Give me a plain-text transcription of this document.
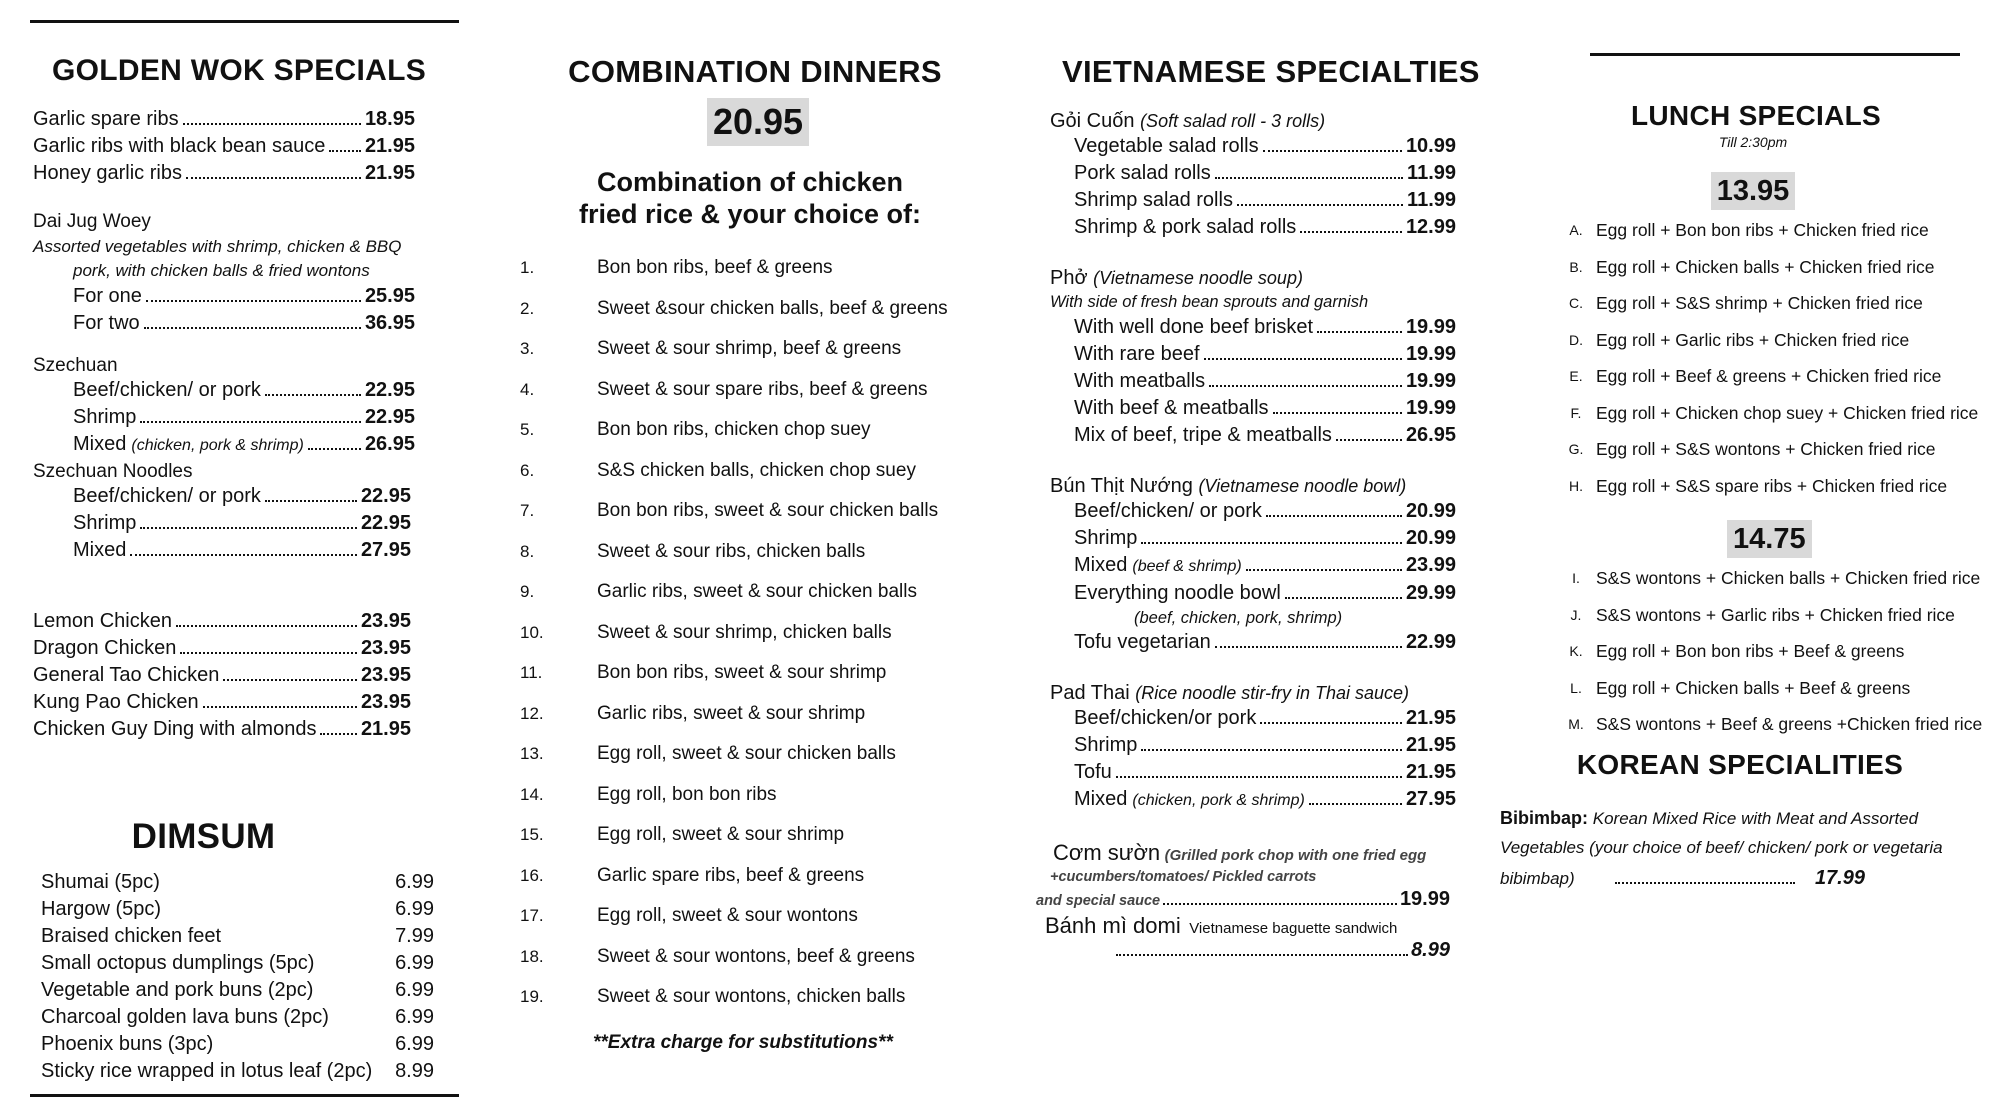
GOLDEN WOK SPECIALS
Garlic spare ribs	18.95
Garlic ribs with black bean sauce 21.95
Honey garlic ribs	21.95
Dai Jug Woey
Assorted vegetables with shrimp, chicken & BBQ
pork, with chicken balls & fried wontons
For one	25.95
For two	36.95
Szechuan
Beef/chicken/ or pork	22.95
Shrimp	22.95
Mixed (chicken, pork & shrimp)	26.95
Szechuan Noodles
Beef/chicken/ or pork	22.95
Shrimp	22.95
Mixed	27.95
Lemon Chicken	23.95
Dragon Chicken	23.95
General Tao Chicken	23.95
Kung Pao Chicken	23.95
Chicken Guy Ding with almonds 21.95
DIMSUM
Shumai (5pc)	6.99
Hargow (5pc)	6.99
Braised chicken feet	7.99
Small octopus dumplings (5pc)	6.99
Vegetable and pork buns (2pc)	6.99
Charcoal golden lava buns (2pc)	6.99
Phoenix buns (3pc)	6.99
Sticky rice wrapped in lotus leaf (2pc)	8.99
COMBINATION DINNERS
20.95
Combination of chicken
fried rice & your choice of:
1.	Bon bon ribs, beef & greens
2.	Sweet &sour chicken balls, beef & greens
3.	Sweet & sour shrimp, beef & greens
4.	Sweet & sour spare ribs, beef & greens
5.	Bon bon ribs, chicken chop suey
6.	S&S chicken balls, chicken chop suey
7.	Bon bon ribs, sweet & sour chicken balls
8.	Sweet & sour ribs, chicken balls
9.	Garlic ribs, sweet & sour chicken balls
10.	Sweet & sour shrimp, chicken balls
11.	Bon bon ribs, sweet & sour shrimp
12.	Garlic ribs, sweet & sour shrimp
13.	Egg roll, sweet & sour chicken balls
14.	Egg roll, bon bon ribs
15.	Egg roll, sweet & sour shrimp
16.	Garlic spare ribs, beef & greens
17.	Egg roll, sweet & sour wontons
18.	Sweet & sour wontons, beef & greens
19.	Sweet & sour wontons, chicken balls
**Extra charge for substitutions**
VIETNAMESE SPECIALTIES
Gỏi Cuốn (Soft salad roll - 3 rolls)
Vegetable salad rolls	10.99
Pork salad rolls	11.99
Shrimp salad rolls	11.99
Shrimp & pork salad rolls	12.99
Phở (Vietnamese noodle soup)
With side of fresh bean sprouts and garnish
With well done beef brisket	19.99
With rare beef	19.99
With meatballs	19.99
With beef & meatballs	19.99
Mix of beef, tripe & meatballs	26.95
Bún Thịt Nướng (Vietnamese noodle bowl)
Beef/chicken/ or pork	20.99
Shrimp	20.99
Mixed (beef & shrimp)	23.99
Everything noodle bowl	29.99
(beef, chicken, pork, shrimp)
Tofu vegetarian	22.99
Pad Thai (Rice noodle stir-fry in Thai sauce)
Beef/chicken/or pork	21.95
Shrimp	21.95
Tofu	21.95
Mixed (chicken, pork & shrimp)	27.95
Cơm sườn (Grilled pork chop with one fried egg
+cucumbers/tomatoes/ Pickled carrots
and special sauce	19.99
Bánh mì domi Vietnamese baguette sandwich
8.99
LUNCH SPECIALS
Till 2:30pm
13.95
A. Egg roll + Bon bon ribs + Chicken fried rice
B. Egg roll + Chicken balls + Chicken fried rice
C. Egg roll + S&S shrimp + Chicken fried rice
D. Egg roll + Garlic ribs + Chicken fried rice
E. Egg roll + Beef & greens + Chicken fried rice
F. Egg roll + Chicken chop suey + Chicken fried rice
G. Egg roll + S&S wontons + Chicken fried rice
H. Egg roll + S&S spare ribs + Chicken fried rice
14.75
I. S&S wontons + Chicken balls + Chicken fried rice
J. S&S wontons + Garlic ribs + Chicken fried rice
K. Egg roll + Bon bon ribs + Beef & greens
L. Egg roll + Chicken balls + Beef & greens
M. S&S wontons + Beef & greens +Chicken fried rice
KOREAN SPECIALITIES
Bibimbap: Korean Mixed Rice with Meat and Assorted
Vegetables (your choice of beef/ chicken/ pork or vegetaria
bibimbap)	17.99
